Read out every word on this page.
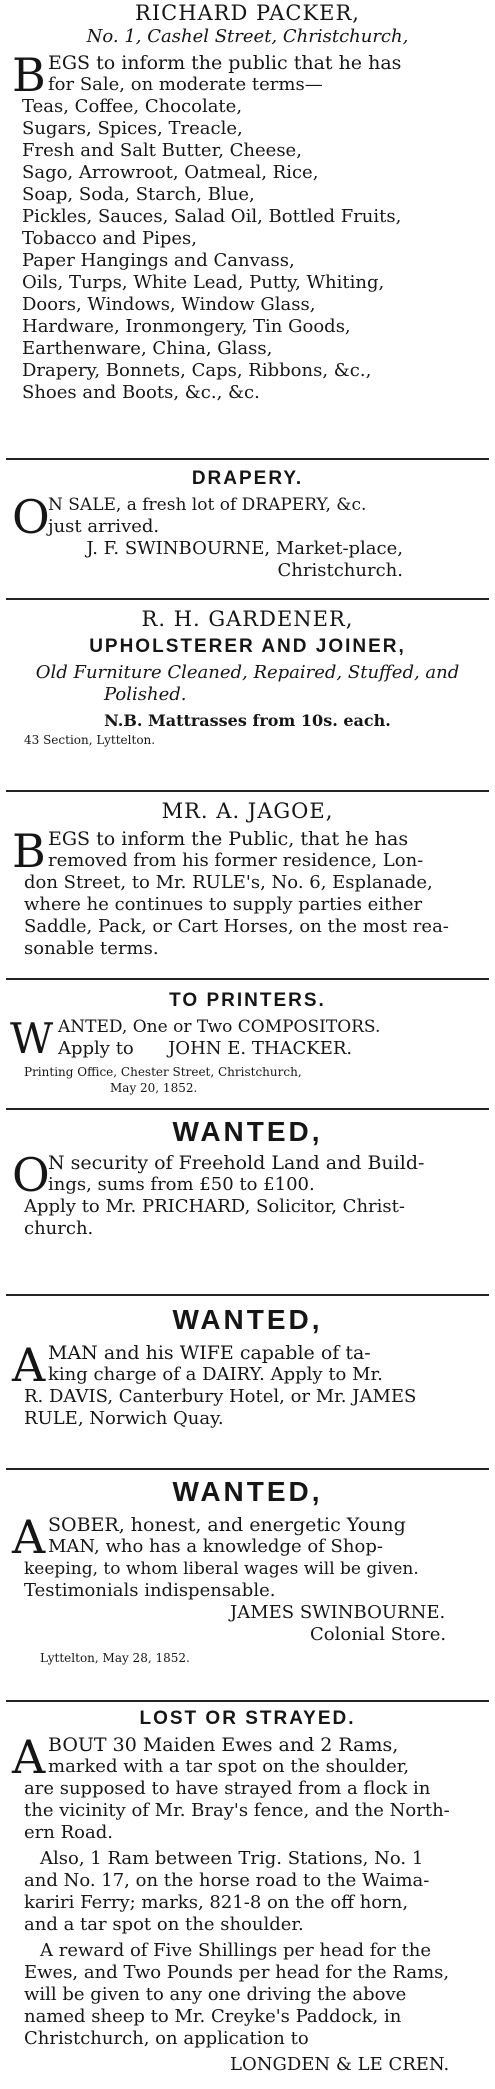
RICHARD PACKER,
No. 1, Cashel Street, Christchurch,
B EGS to inform the public that he has
for Sale, on moderate terms—
Teas, Coffee, Chocolate,
Sugars, Spices, Treacle,
Fresh and Salt Butter, Cheese,
Sago, Arrowroot, Oatmeal, Rice,
Soap, Soda, Starch, Blue,
Pickles, Sauces, Salad Oil, Bottled Fruits,
Tobacco and Pipes,
Paper Hangings and Canvass,
Oils, Turps, White Lead, Putty, Whiting,
Doors, Windows, Window Glass,
Hardware, Ironmongery, Tin Goods,
Earthenware, China, Glass,
Drapery, Bonnets, Caps, Ribbons, &c.,
Shoes and Boots, &c., &c.
DRAPERY.
O
N SALE, a fresh lot of DRAPERY, &c.
just arrived.
J. F. SWINBOURNE, Market-place,
Christchurch.
R. H. GARDENER,
UPHOLSTERER AND JOINER,
Old Furniture Cleaned, Repaired, Stuffed, and
Polished.
N.B. Mattrasses from 10s. each.
43 Section, Lyttelton.
MR. A. JAGOE,
B EGS to inform the Public, that he has
removed from his former residence, Lon-
don Street, to Mr. RULE's, No. 6, Esplanade,
where he continues to supply parties either
Saddle, Pack, or Cart Horses, on the most rea-
sonable terms.
TO PRINTERS.
W ANTED, One or Two COMPOSITORS.
Apply to      JOHN E. THACKER.
Printing Office, Chester Street, Christchurch,
May 20, 1852.
WANTED,
O
N security of Freehold Land and Build-
ings, sums from £50 to £100.
Apply to Mr. PRICHARD, Solicitor, Christ-
church.
WANTED,
A MAN and his WIFE capable of ta-
king charge of a DAIRY. Apply to Mr.
R. DAVIS, Canterbury Hotel, or Mr. JAMES
RULE, Norwich Quay.
WANTED,
A SOBER, honest, and energetic Young
MAN, who has a knowledge of Shop-
keeping, to whom liberal wages will be given.
Testimonials indispensable.
JAMES SWINBOURNE.
Colonial Store.
Lyttelton, May 28, 1852.
LOST OR STRAYED.
A BOUT 30 Maiden Ewes and 2 Rams,
marked with a tar spot on the shoulder,
are supposed to have strayed from a flock in
the vicinity of Mr. Bray's fence, and the North-
ern Road.
Also, 1 Ram between Trig. Stations, No. 1
and No. 17, on the horse road to the Waima-
kariri Ferry; marks, 821-8 on the off horn,
and a tar spot on the shoulder.
A reward of Five Shillings per head for the
Ewes, and Two Pounds per head for the Rams,
will be given to any one driving the above
named sheep to Mr. Creyke's Paddock, in
Christchurch, on application to
LONGDEN & LE CREN.
